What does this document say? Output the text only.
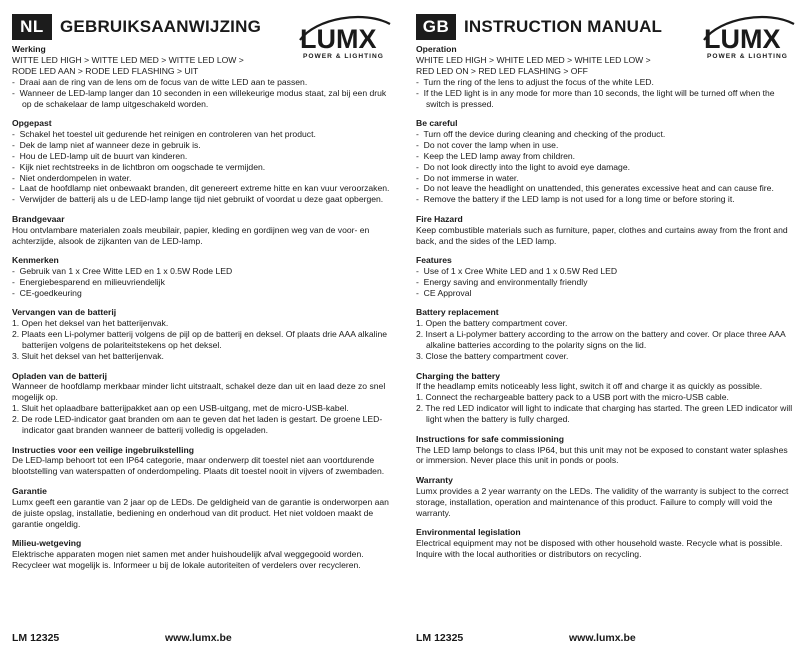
NL GEBRUIKSAANWIJZING LUMX
POWER & LIGHTING
Werking
WITTE LED HIGH > WITTE LED MED > WITTE LED LOW >
RODE LED AAN > RODE LED FLASHING > UIT
-  Draai aan de ring van de lens om de focus van de witte LED aan te passen.
-  Wanneer de LED-lamp langer dan 10 seconden in een willekeurige modus staat, zal bij een druk op de schakelaar de lamp uitgeschakeld worden.
Opgepast
-  Schakel het toestel uit gedurende het reinigen en controleren van het product.
-  Dek de lamp niet af wanneer deze in gebruik is.
-  Hou de LED-lamp uit de buurt van kinderen.
-  Kijk niet rechtstreeks in de lichtbron om oogschade te vermijden.
-  Niet onderdompelen in water.
-  Laat de hoofdlamp niet onbewaakt branden, dit genereert extreme hitte en kan vuur veroorzaken.
-  Verwijder de batterij als u de LED-lamp lange tijd niet gebruikt of voordat u deze gaat opbergen.
Brandgevaar
Hou ontvlambare materialen zoals meubilair, papier, kleding en gordijnen weg van de voor- en achterzijde, alsook de zijkanten van de LED-lamp.
Kenmerken
-  Gebruik van 1 x Cree Witte LED en 1 x 0.5W Rode LED
-  Energiebesparend en milieuvriendelijk
-  CE-goedkeuring
Vervangen van de batterij
1. Open het deksel van het batterijenvak.
2. Plaats een Li-polymer batterij volgens de pijl op de batterij en deksel. Of plaats drie AAA alkaline batterijen volgens de polariteitstekens op het deksel.
3. Sluit het deksel van het batterijenvak.
Opladen van de batterij
Wanneer de hoofdlamp merkbaar minder licht uitstraalt, schakel deze dan uit en laad deze zo snel mogelijk op.
1. Sluit het oplaadbare batterijpakket aan op een USB-uitgang, met de micro-USB-kabel.
2. De rode LED-indicator gaat branden om aan te geven dat het laden is gestart. De groene LED-indicator gaat branden wanneer de batterij volledig is opgeladen.
Instructies voor een veilige ingebruikstelling
De LED-lamp behoort tot een IP64 categorie, maar onderwerp dit toestel niet aan voortdurende blootstelling van waterspatten of onderdompeling. Plaats dit toestel nooit in vijvers of zwembaden.
Garantie
Lumx geeft een garantie van 2 jaar op de LEDs. De geldigheid van de garantie is onderworpen aan de juiste opslag, installatie, bediening en onderhoud van dit product. Het niet voldoen maakt de garantie ongeldig.
Milieu-wetgeving
Elektrische apparaten mogen niet samen met ander huishoudelijk afval weggegooid worden. Recycleer wat mogelijk is. Informeer u bij de lokale autoriteiten of verdelers over recycleren.
LM 12325	www.lumx.be
GB INSTRUCTION MANUAL LUMX
POWER & LIGHTING
Operation
WHITE LED HIGH > WHITE LED MED > WHITE LED LOW >
RED LED ON > RED LED FLASHING > OFF
-  Turn the ring of the lens to adjust the focus of the white LED.
-  If the LED light is in any mode for more than 10 seconds, the light will be turned off when the switch is pressed.
Be careful
-  Turn off the device during cleaning and checking of the product.
-  Do not cover the lamp when in use.
-  Keep the LED lamp away from children.
-  Do not look directly into the light to avoid eye damage.
-  Do not immerse in water.
-  Do not leave the headlight on unattended, this generates excessive heat and can cause fire.
-  Remove the battery if the LED lamp is not used for a long time or before storing it.
Fire Hazard
Keep combustible materials such as furniture, paper, clothes and curtains away from the front and back, and the sides of the LED lamp.
Features
-  Use of 1 x Cree White LED and 1 x 0.5W Red LED
-  Energy saving and environmentally friendly
-  CE Approval
Battery replacement
1. Open the battery compartment cover.
2. Insert a Li-polymer battery according to the arrow on the battery and cover. Or place three AAA alkaline batteries according to the polarity signs on the lid.
3. Close the battery compartment cover.
Charging the battery
If the headlamp emits noticeably less light, switch it off and charge it as quickly as possible.
1. Connect the rechargeable battery pack to a USB port with the micro-USB cable.
2. The red LED indicator will light to indicate that charging has started. The green LED indicator will light when the battery is fully charged.
Instructions for safe commissioning
The LED lamp belongs to class IP64, but this unit may not be exposed to constant water splashes or immersion. Never place this unit in ponds or pools.
Warranty
Lumx provides a 2 year warranty on the LEDs. The validity of the warranty is subject to the correct storage, installation, operation and maintenance of this product. Failure to comply will void the warranty.
Environmental legislation
Electrical equipment may not be disposed with other household waste. Recycle what is possible. Inquire with the local authorities or distributors on recycling.
LM 12325	www.lumx.be
